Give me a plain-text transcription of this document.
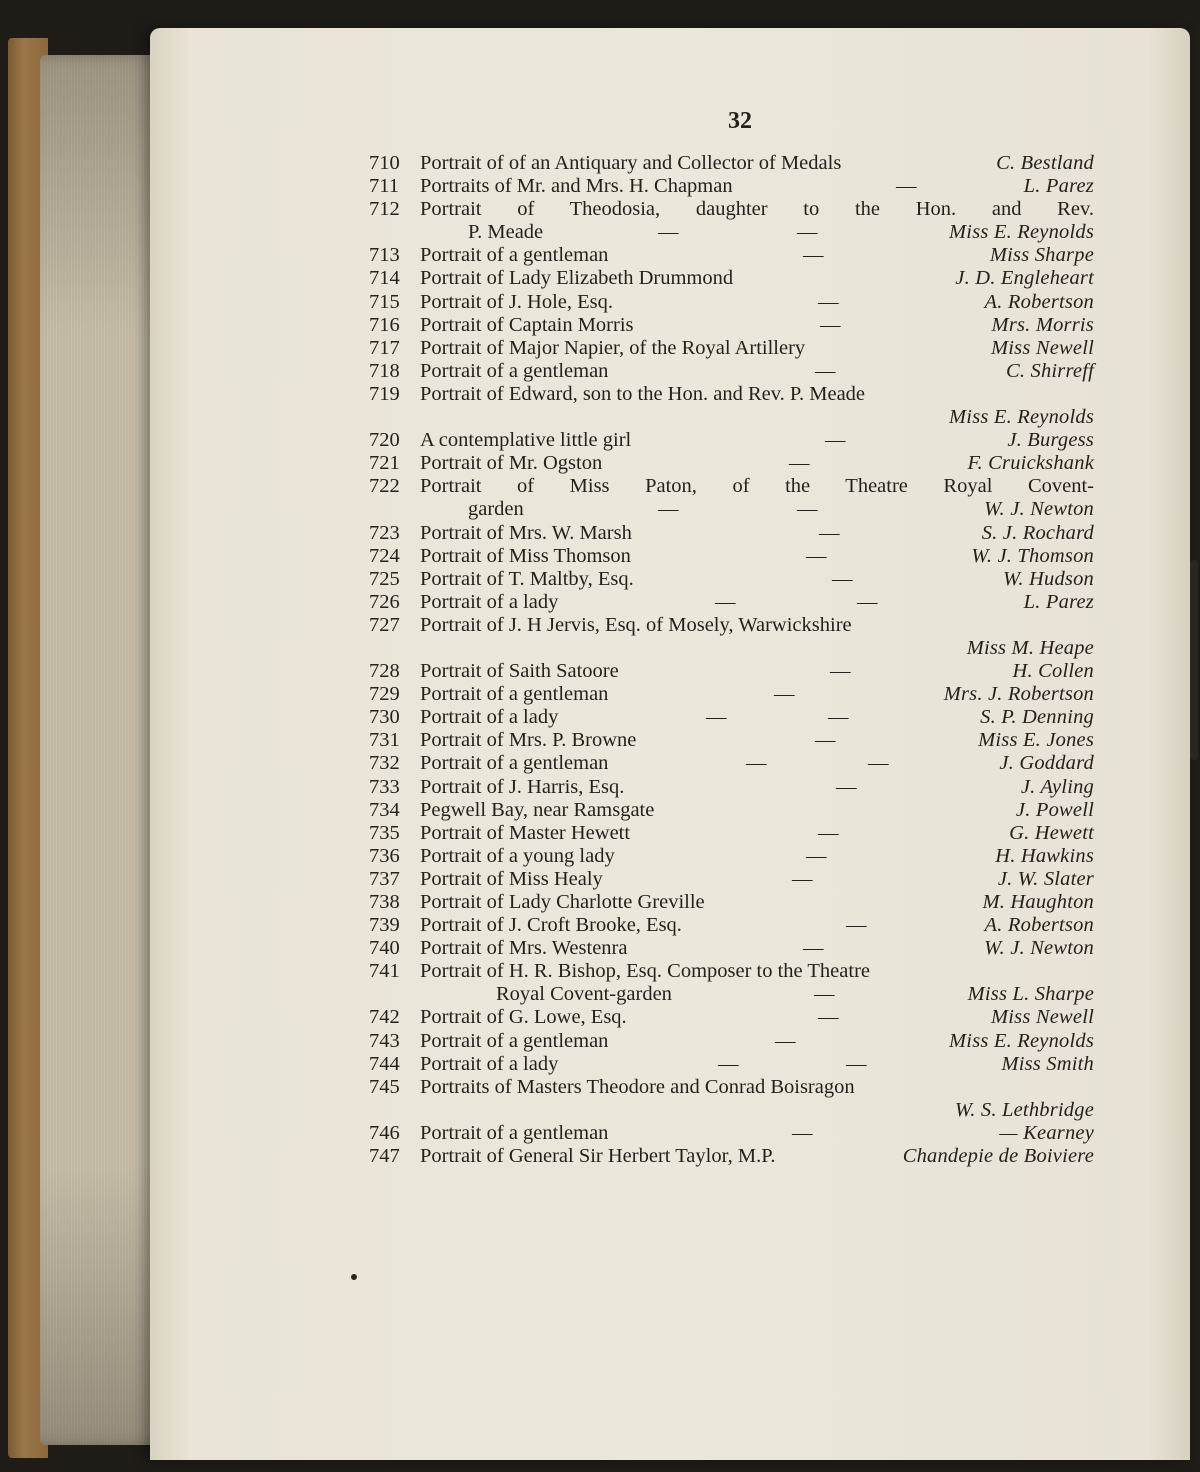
32

710 Portrait of of an Antiquary and Collector of Medals	C. Bestland
711	Portraits of Mr. and Mrs. H. Chapman	—	L. Parez
712 Portrait of Theodosia, daughter to the Hon. and Rev.
P. Meade	—	—	Miss E. Reynolds
713 Portrait of a gentleman	—	Miss Sharpe
714 Portrait of Lady Elizabeth Drummond	J. D. Engleheart
715 Portrait of J. Hole, Esq.	—	A. Robertson
716 Portrait of Captain Morris	—	Mrs. Morris
717 Portrait of Major Napier, of the Royal Artillery	Miss Newell
718 Portrait of a gentleman	—	C. Shirreff
719 Portrait of Edward, son to the Hon. and Rev. P. Meade
Miss E. Reynolds
720 A contemplative little girl	—	J. Burgess
721 Portrait of Mr. Ogston	—	F. Cruickshank
722 Portrait of Miss Paton, of the Theatre Royal Covent-
garden	—	—	W. J. Newton
723 Portrait of Mrs. W. Marsh	—	S. J. Rochard
724 Portrait of Miss Thomson	—	W. J. Thomson
725 Portrait of T. Maltby, Esq.	—	W. Hudson
726 Portrait of a lady	—	—	L. Parez
727 Portrait of J. H Jervis, Esq. of Mosely, Warwickshire
Miss M. Heape
728 Portrait of Saith Satoore	—	H. Collen
729 Portrait of a gentleman	—	Mrs. J. Robertson
730 Portrait of a lady	—	—	S. P. Denning
731 Portrait of Mrs. P. Browne	—	Miss E. Jones
732 Portrait of a gentleman	—	—	J. Goddard
733 Portrait of J. Harris, Esq.	—	J. Ayling
734 Pegwell Bay, near Ramsgate	J. Powell
735 Portrait of Master Hewett	—	G. Hewett
736 Portrait of a young lady	—	H. Hawkins
737 Portrait of Miss Healy	—	J. W. Slater
738 Portrait of Lady Charlotte Greville	M. Haughton
739 Portrait of J. Croft Brooke, Esq.	—	A. Robertson
740 Portrait of Mrs. Westenra	—	W. J. Newton
741 Portrait of H. R. Bishop, Esq. Composer to the Theatre
Royal Covent-garden	—	Miss L. Sharpe
742 Portrait of G. Lowe, Esq.	—	Miss Newell
743 Portrait of a gentleman	—	Miss E. Reynolds
744 Portrait of a lady	—	—	Miss Smith
745 Portraits of Masters Theodore and Conrad Boisragon
W. S. Lethbridge
746 Portrait of a gentleman	—	— Kearney
747 Portrait of General Sir Herbert Taylor, M.P.	Chandepie de Boiviere
